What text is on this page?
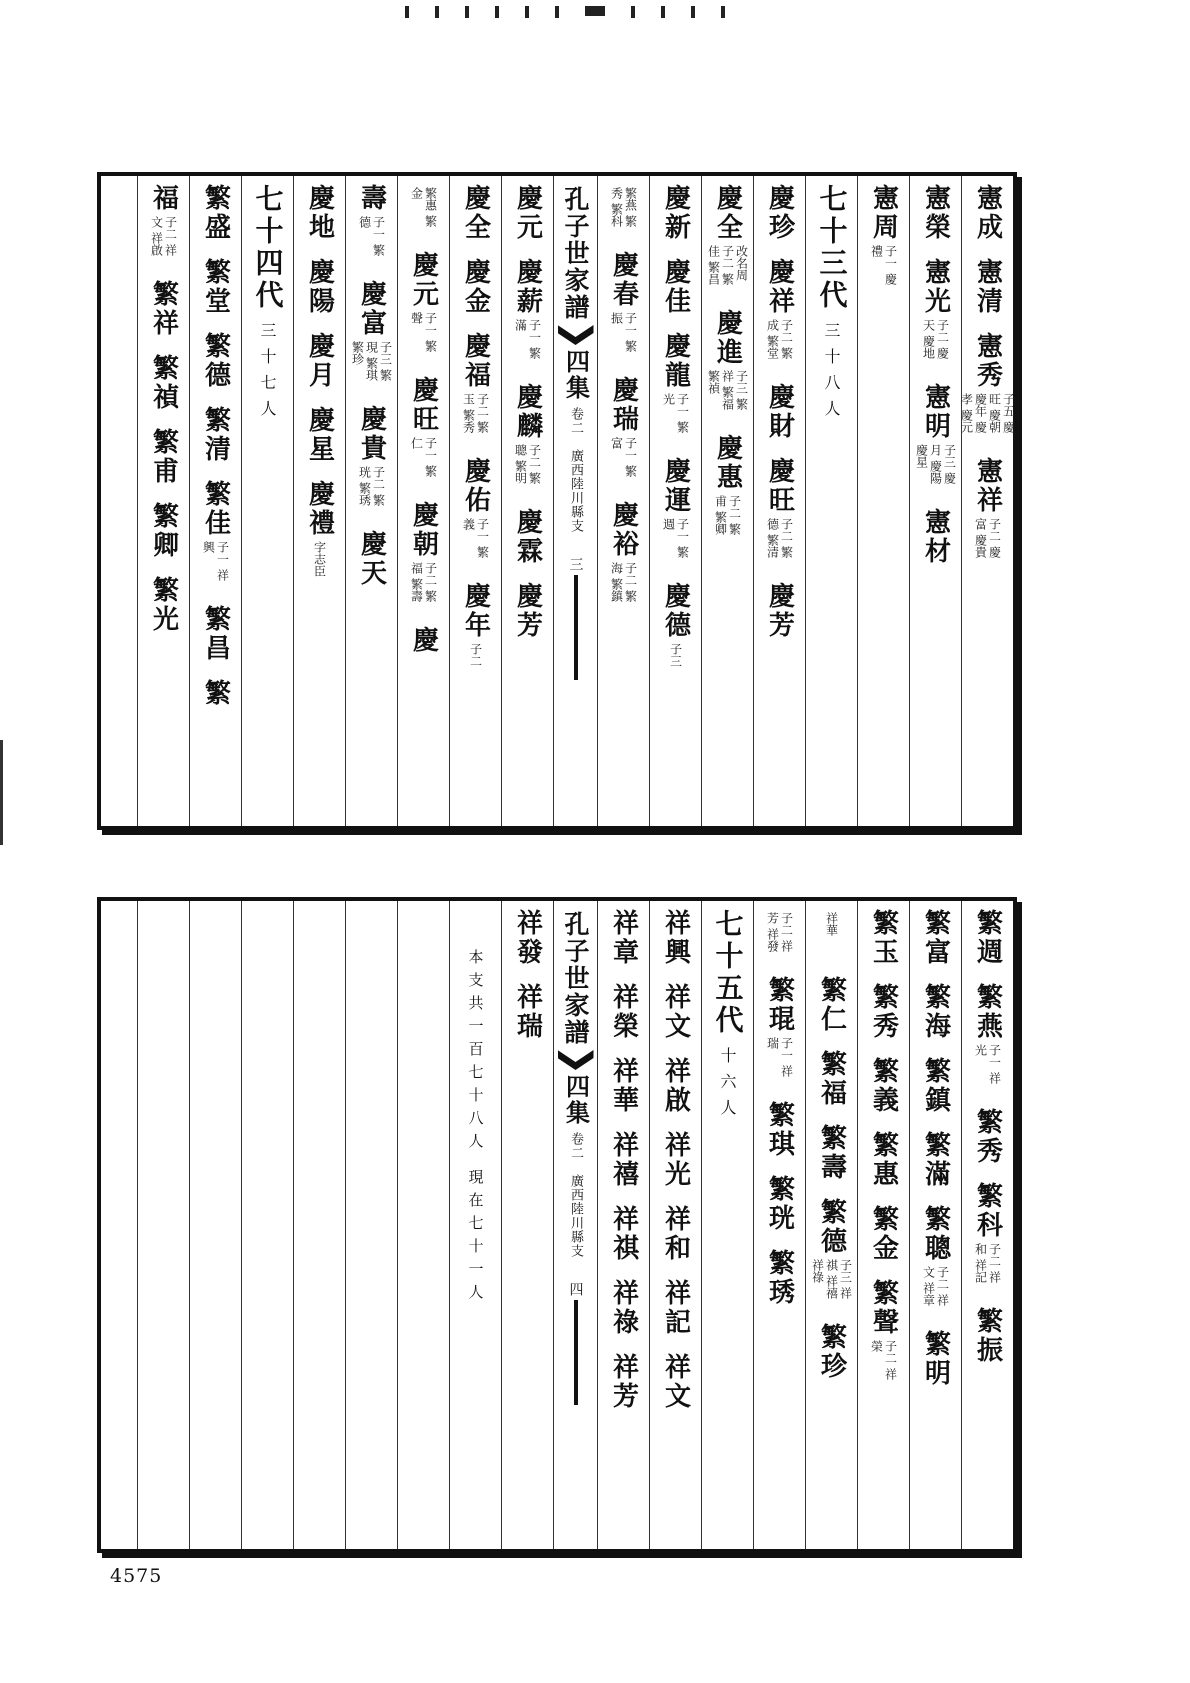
憲成
憲清
憲秀
子五 慶旺 慶朝 慶年 慶孝 慶元
憲祥
子二 慶富 慶貴
憲榮
憲光
子二 慶天 慶地
憲明
子三 慶月 慶陽 慶星
憲材
憲周
子一 慶禮
七十三代
三十八人
慶珍
慶祥
子二 繁成 繁堂
慶財
慶旺
子二 繁德 繁清
慶芳
慶全
改名周 子二 繁佳 繁昌
慶進
子三 繁祥 繁福 繁禎
慶惠
子二 繁甫 繁卿
慶新
慶佳
慶龍
子一 繁光
慶運
子一 繁週
慶德
子三
繁燕 繁秀 繁科
慶春
子一 繁振
慶瑞
子一 繁富
慶裕
子二 繁海 繁鎮
孔子世家譜
四集
卷二　廣西陸川縣支
三
慶元
慶薪
子一 繁滿
慶麟
子二 繁聰 繁明
慶霖
慶芳
慶全
慶金
慶福
子二 繁玉 繁秀
慶佑
子一 繁義
慶年
子二
繁惠 繁金
慶元
子一 繁聲
慶旺
子一 繁仁
慶朝
子二 繁福 繁壽
慶
壽
子一 繁德
慶富
子三 繁現 繁琪 繁珍
慶貴
子二 繁珖 繁琇
慶天
慶地
慶陽
慶月
慶星
慶禮
字志臣
七十四代
三十七人
繁盛
繁堂
繁德
繁清
繁佳
子一 祥興
繁昌
繁
福
子二 祥文 祥啟
繁祥
繁禎
繁甫
繁卿
繁光
繁週
繁燕
子一 祥光
繁秀
繁科
子二 祥和 祥記
繁振
繁富
繁海
繁鎮
繁滿
繁聰
子二 祥文 祥章
繁明
繁玉
繁秀
繁義
繁惠
繁金
繁聲
子二 祥榮
祥華
繁仁
繁福
繁壽
繁德
子三 祥祺 祥禧 祥祿
繁珍
子二 祥芳 祥發
繁琨
子一 祥瑞
繁琪
繁珖
繁琇
七十五代
十六人
祥興
祥文
祥啟
祥光
祥和
祥記
祥文
祥章
祥榮
祥華
祥禧
祥祺
祥祿
祥芳
孔子世家譜
四集
卷二　廣西陸川縣支
四
祥發
祥瑞
本支共一百七十八人 現在七十一人
4575
